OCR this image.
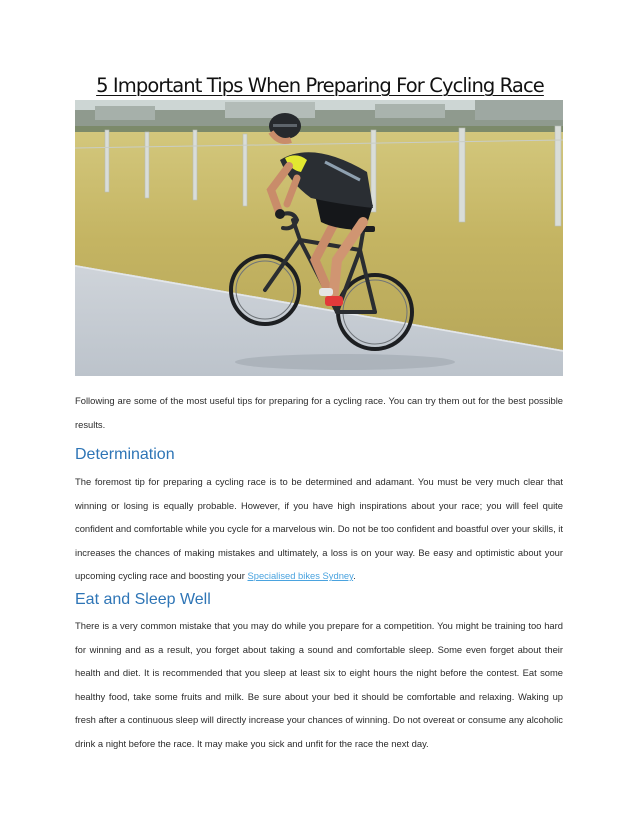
5 Important Tips When Preparing For Cycling Race

Following are some of the most useful tips for preparing for a cycling race. You can try them out for the best possible results.

Determination

The foremost tip for preparing a cycling race is to be determined and adamant. You must be very much clear that winning or losing is equally probable. However, if you have high inspirations about your race; you will feel quite confident and comfortable while you cycle for a marvelous win. Do not be too confident and boastful over your skills, it increases the chances of making mistakes and ultimately, a loss is on your way. Be easy and optimistic about your upcoming cycling race and boosting your Specialised bikes Sydney.

Eat and Sleep Well

There is a very common mistake that you may do while you prepare for a competition. You might be training too hard for winning and as a result, you forget about taking a sound and comfortable sleep. Some even forget about their health and diet. It is recommended that you sleep at least six to eight hours the night before the contest. Eat some healthy food, take some fruits and milk. Be sure about your bed it should be comfortable and relaxing. Waking up fresh after a continuous sleep will directly increase your chances of winning. Do not overeat or consume any alcoholic drink a night before the race. It may make you sick and unfit for the race the next day.
